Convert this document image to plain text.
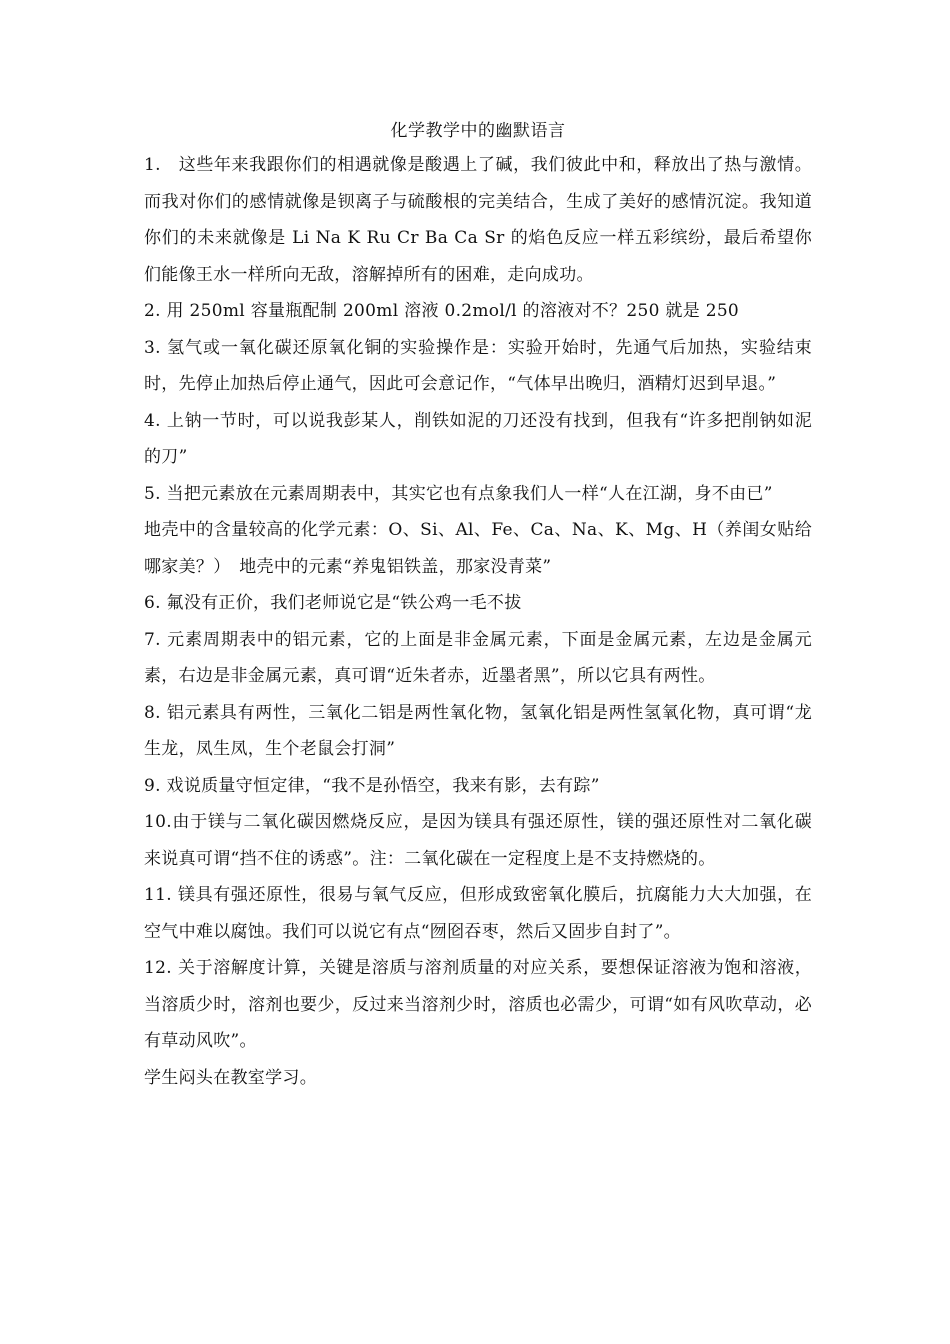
化学教学中的幽默语言

1.　这些年来我跟你们的相遇就像是酸遇上了碱，我们彼此中和，释放出了热与激情。而我对你们的感情就像是钡离子与硫酸根的完美结合，生成了美好的感情沉淀。我知道你们的未来就像是 Li Na K Ru Cr Ba Ca Sr 的焰色反应一样五彩缤纷，最后希望你们能像王水一样所向无敌，溶解掉所有的困难，走向成功。

2. 用 250ml 容量瓶配制 200ml 溶液 0.2mol/l 的溶液对不？250 就是 250

3. 氢气或一氧化碳还原氧化铜的实验操作是：实验开始时，先通气后加热，实验结束时，先停止加热后停止通气，因此可会意记作，“气体早出晚归，酒精灯迟到早退。”

4. 上钠一节时，可以说我彭某人，削铁如泥的刀还没有找到，但我有“许多把削钠如泥的刀”

5. 当把元素放在元素周期表中，其实它也有点象我们人一样“人在江湖，身不由已”

地壳中的含量较高的化学元素：O、Si、Al、Fe、Ca、Na、K、Mg、H（养闺女贴给哪家美？）　地壳中的元素“养鬼铝铁盖，那家没青菜”

6. 氟没有正价，我们老师说它是“铁公鸡一毛不拔

7. 元素周期表中的铝元素，它的上面是非金属元素，下面是金属元素，左边是金属元素，右边是非金属元素，真可谓“近朱者赤，近墨者黑”，所以它具有两性。

8. 铝元素具有两性，三氧化二铝是两性氧化物，氢氧化铝是两性氢氧化物，真可谓“龙生龙，凤生凤，生个老鼠会打洞”

9. 戏说质量守恒定律，“我不是孙悟空，我来有影，去有踪”

10.由于镁与二氧化碳因燃烧反应，是因为镁具有强还原性，镁的强还原性对二氧化碳来说真可谓“挡不住的诱惑”。注：二氧化碳在一定程度上是不支持燃烧的。

11. 镁具有强还原性，很易与氧气反应，但形成致密氧化膜后，抗腐能力大大加强，在空气中难以腐蚀。我们可以说它有点“囫囵吞枣，然后又固步自封了”。

12. 关于溶解度计算，关键是溶质与溶剂质量的对应关系，要想保证溶液为饱和溶液，当溶质少时，溶剂也要少，反过来当溶剂少时，溶质也必需少，可谓“如有风吹草动，必有草动风吹”。

学生闷头在教室学习。
